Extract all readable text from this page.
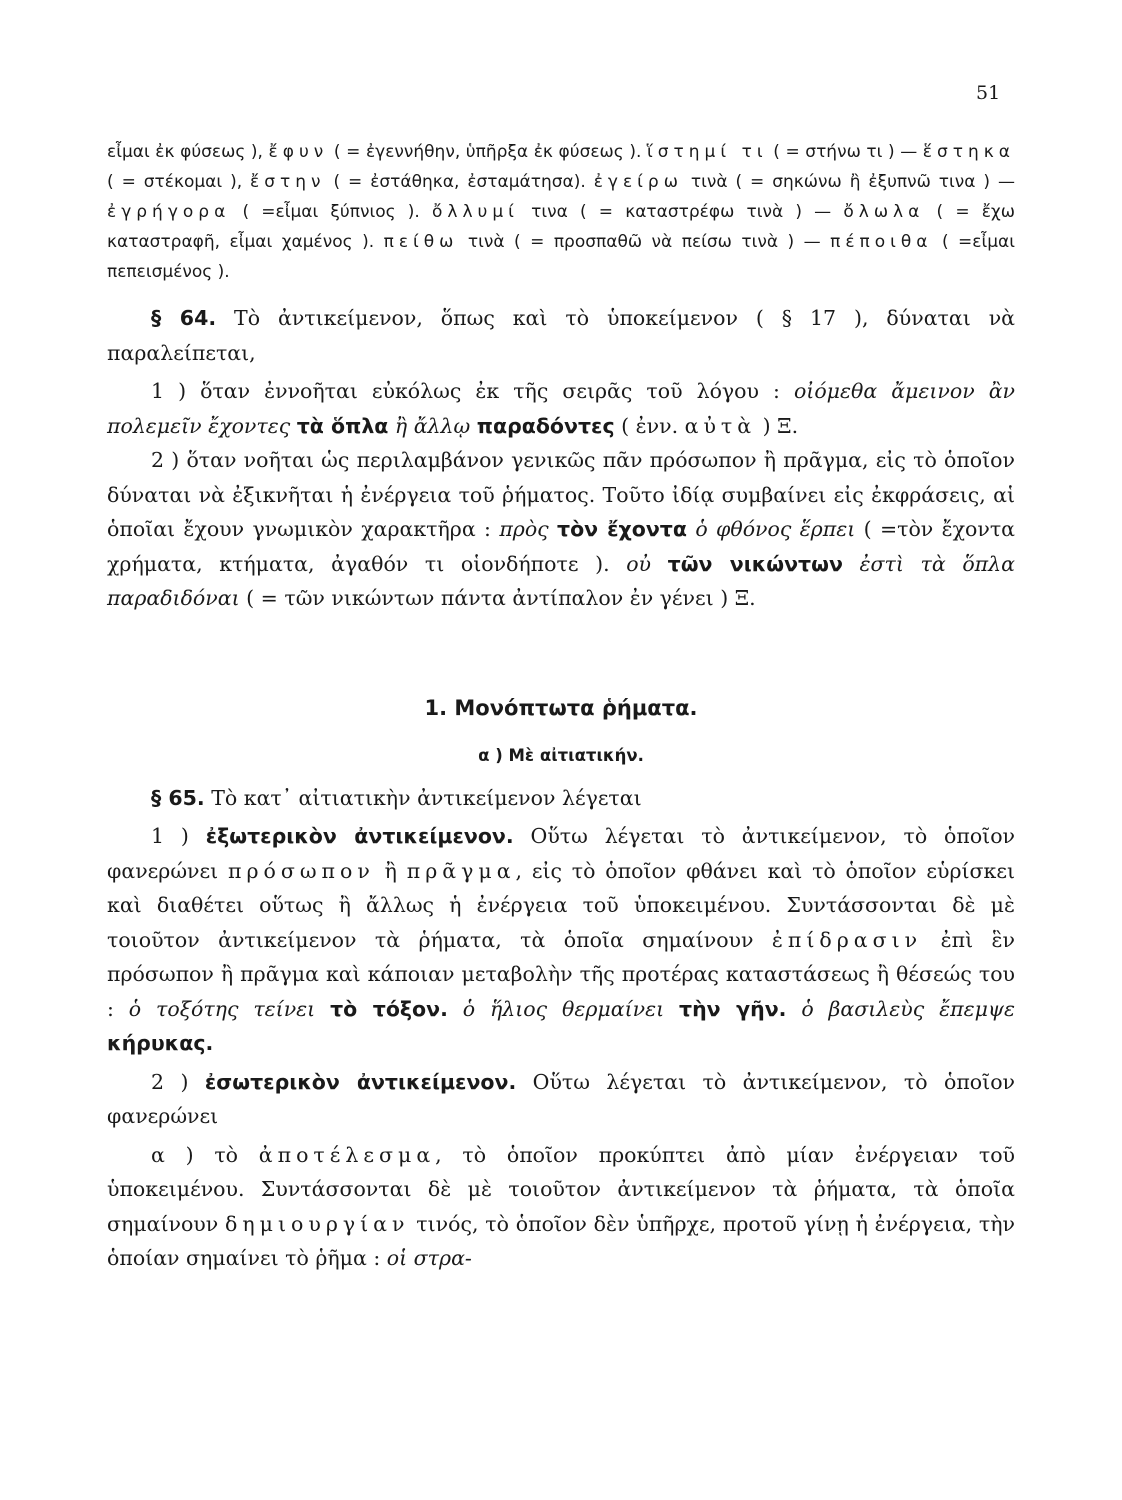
51
εἶμαι ἐκ φύσεως ), ἔφυν ( = ἐγεννήθην, ὑπῆρξα ἐκ φύσεως ). ἵστημί τι ( = στήνω τι ) — ἕστηκα ( = στέκομαι ), ἔστην ( = ἐστάθηκα, ἐσταμάτησα). ἐγείρω τινὰ ( = σηκώνω ἢ ἐξυπνῶ τινα ) — ἐγρήγορα ( =εἶμαι ξύπνιος ). ὄλλυμί τινα ( = καταστρέφω τινὰ ) — ὄλωλα ( = ἔχω καταστραφῆ, εἶμαι χαμένος ). πείθω τινὰ ( = προσπαθῶ νὰ πείσω τινὰ ) — πέποιθα ( =εἶμαι πεπεισμένος ).

§ 64. Τὸ ἀντικείμενον, ὅπως καὶ τὸ ὑποκείμενον ( § 17 ), δύναται νὰ παραλείπεται,

1 ) ὅταν ἐννοῆται εὐκόλως ἐκ τῆς σειρᾶς τοῦ λόγου : οἰόμεθα ἄμεινον ἂν πολεμεῖν ἔχοντες τὰ ὅπλα ἢ ἄλλῳ παραδόντες ( ἐνν. αὐτὰ ) Ξ.

2 ) ὅταν νοῆται ὡς περιλαμβάνον γενικῶς πᾶν πρόσωπον ἢ πρᾶγμα, εἰς τὸ ὁποῖον δύναται νὰ ἐξικνῆται ἡ ἐνέργεια τοῦ ῥήματος. Τοῦτο ἰδίᾳ συμβαίνει εἰς ἐκφράσεις, αἱ ὁποῖαι ἔχουν γνωμικὸν χαρακτῆρα : πρὸς τὸν ἔχοντα ὁ φθόνος ἕρπει ( =τὸν ἔχοντα χρήματα, κτήματα, ἀγαθόν τι οἱονδήποτε ). οὐ τῶν νικώντων ἐστὶ τὰ ὅπλα παραδιδόναι ( = τῶν νικώντων πάντα ἀντίπαλον ἐν γένει ) Ξ.

1. Μονόπτωτα ῥήματα.
α ) Μὲ αἰτιατικήν.

§ 65. Τὸ κατ᾽ αἰτιατικὴν ἀντικείμενον λέγεται

1 ) ἐξωτερικὸν ἀντικείμενον. Οὕτω λέγεται τὸ ἀντικείμενον, τὸ ὁποῖον φανερώνει πρόσωπον ἢ πρᾶγμα, εἰς τὸ ὁποῖον φθάνει καὶ τὸ ὁποῖον εὑρίσκει καὶ διαθέτει οὕτως ἢ ἄλλως ἡ ἐνέργεια τοῦ ὑποκειμένου. Συντάσσονται δὲ μὲ τοιοῦτον ἀντικείμενον τὰ ῥήματα, τὰ ὁποῖα σημαίνουν ἐπίδρασιν ἐπὶ ἓν πρόσωπον ἢ πρᾶγμα καὶ κάποιαν μεταβολὴν τῆς προτέρας καταστάσεως ἢ θέσεώς του : ὁ τοξότης τείνει τὸ τόξον. ὁ ἥλιος θερμαίνει τὴν γῆν. ὁ βασιλεὺς ἔπεμψε κήρυκας.

2 ) ἐσωτερικὸν ἀντικείμενον. Οὕτω λέγεται τὸ ἀντικείμενον, τὸ ὁποῖον φανερώνει

α ) τὸ ἀποτέλεσμα, τὸ ὁποῖον προκύπτει ἀπὸ μίαν ἐνέργειαν τοῦ ὑποκειμένου. Συντάσσονται δὲ μὲ τοιοῦτον ἀντικείμενον τὰ ῥήματα, τὰ ὁποῖα σημαίνουν δημιουργίαν τινός, τὸ ὁποῖον δὲν ὑπῆρχε, προτοῦ γίνῃ ἡ ἐνέργεια, τὴν ὁποίαν σημαίνει τὸ ῥῆμα : οἱ στρα-
